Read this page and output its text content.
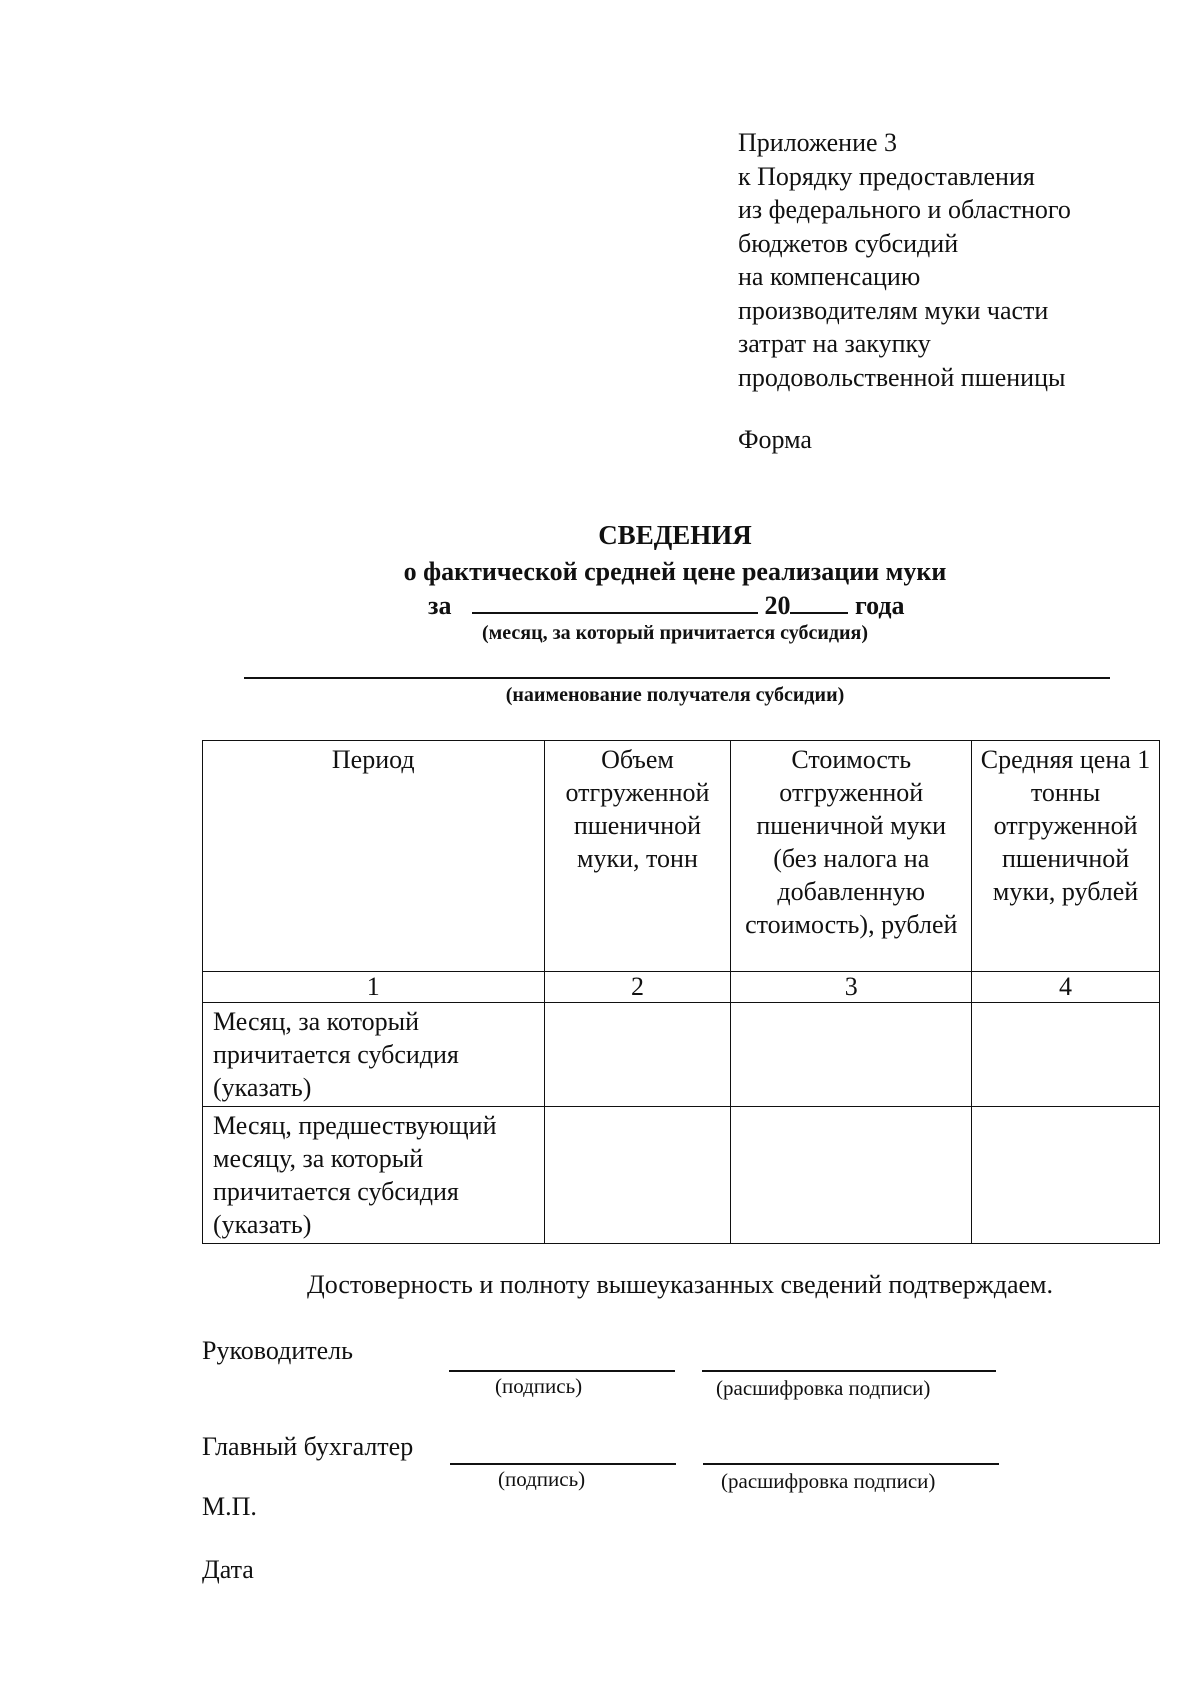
Приложение 3
к Порядку предоставления
из федерального и областного
бюджетов субсидий
на компенсацию
производителям муки части
затрат на закупку
продовольственной пшеницы
Форма
СВЕДЕНИЯ
о фактической средней цене реализации муки
за	20 года
(месяц, за который причитается субсидия)
(наименование получателя субсидии)
Период	Объем отгруженной пшеничной муки, тонн	Стоимость отгруженной пшеничной муки (без налога на добавленную стоимость), рублей	Средняя цена 1 тонны отгруженной пшеничной муки, рублей
1	2	3	4
Месяц, за который причитается субсидия (указать)			
Месяц, предшествующий месяцу, за который причитается субсидия (указать)			
Достоверность и полноту вышеуказанных сведений подтверждаем.
Руководитель
(подпись)	(расшифровка подписи)
Главный бухгалтер
(подпись)	(расшифровка подписи)
М.П.
Дата
